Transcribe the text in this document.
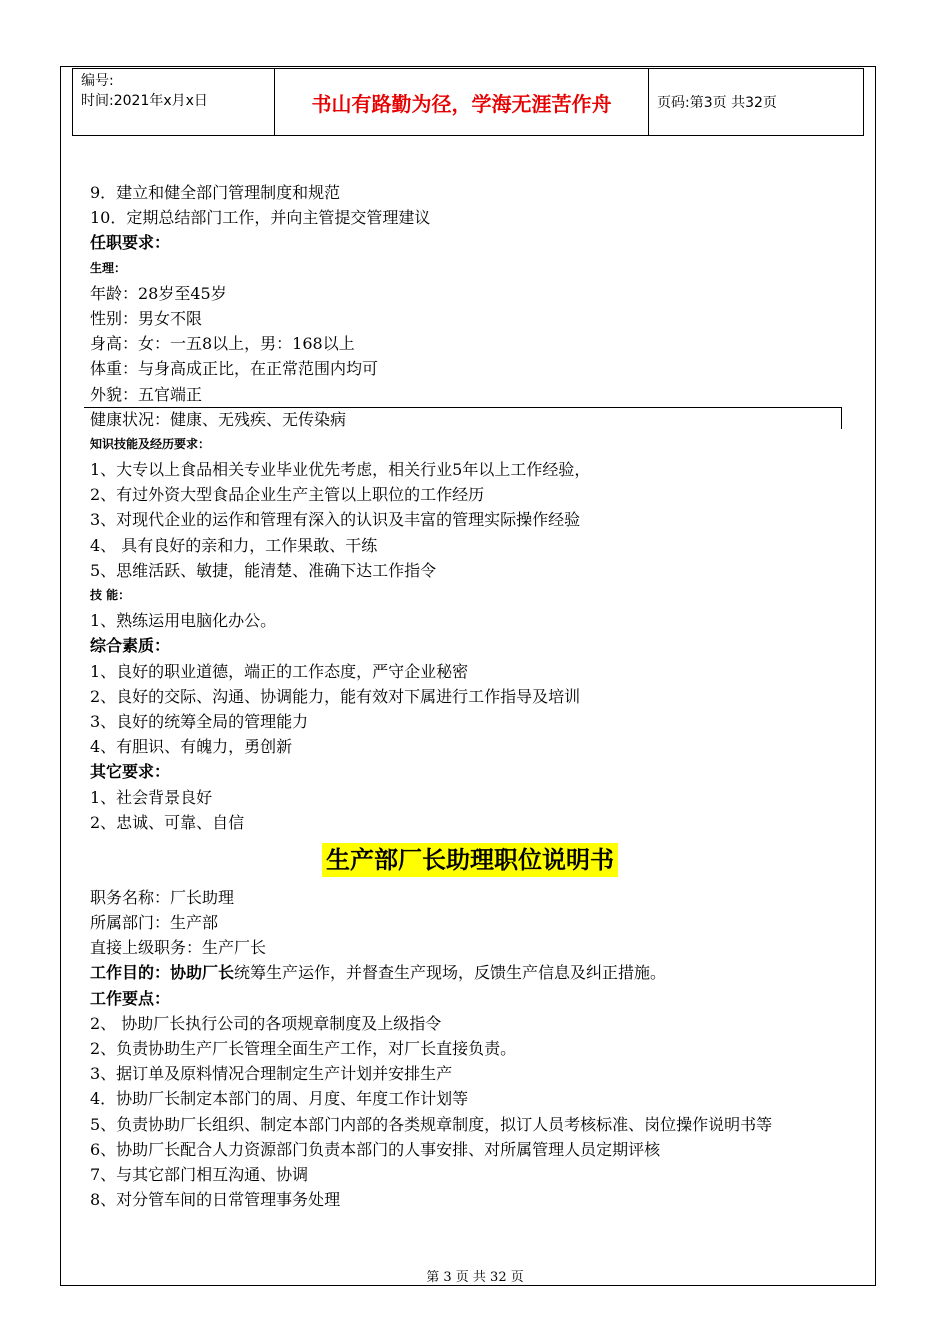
编号:
时间:2021年x月x日	书山有路勤为径，学海无涯苦作舟	页码:第3页 共32页
9．建立和健全部门管理制度和规范
10．定期总结部门工作，并向主管提交管理建议
任职要求：
生理：
年龄：28岁至45岁
性别：男女不限
身高：女：一五8以上，男：168以上
体重：与身高成正比，在正常范围内均可
外貌：五官端正
健康状况：健康、无残疾、无传染病
知识技能及经历要求：
1、大专以上食品相关专业毕业优先考虑，相关行业5年以上工作经验，
2、有过外资大型食品企业生产主管以上职位的工作经历
3、对现代企业的运作和管理有深入的认识及丰富的管理实际操作经验
4、 具有良好的亲和力，工作果敢、干练
5、思维活跃、敏捷，能清楚、准确下达工作指令
技 能：
1、熟练运用电脑化办公。
综合素质：
1、良好的职业道德，端正的工作态度，严守企业秘密
2、良好的交际、沟通、协调能力，能有效对下属进行工作指导及培训
3、良好的统筹全局的管理能力
4、有胆识、有魄力，勇创新
其它要求：
1、社会背景良好
2、忠诚、可靠、自信
生产部厂长助理职位说明书
职务名称：厂长助理
所属部门：生产部
直接上级职务：生产厂长
工作目的：协助厂长统筹生产运作，并督查生产现场，反馈生产信息及纠正措施。
工作要点：
2、 协助厂长执行公司的各项规章制度及上级指令
2、负责协助生产厂长管理全面生产工作，对厂长直接负责。
3、据订单及原料情况合理制定生产计划并安排生产
4．协助厂长制定本部门的周、月度、年度工作计划等
5、负责协助厂长组织、制定本部门内部的各类规章制度，拟订人员考核标准、岗位操作说明书等
6、协助厂长配合人力资源部门负责本部门的人事安排、对所属管理人员定期评核
7、与其它部门相互沟通、协调
8、对分管车间的日常管理事务处理
第 3 页 共 32 页
